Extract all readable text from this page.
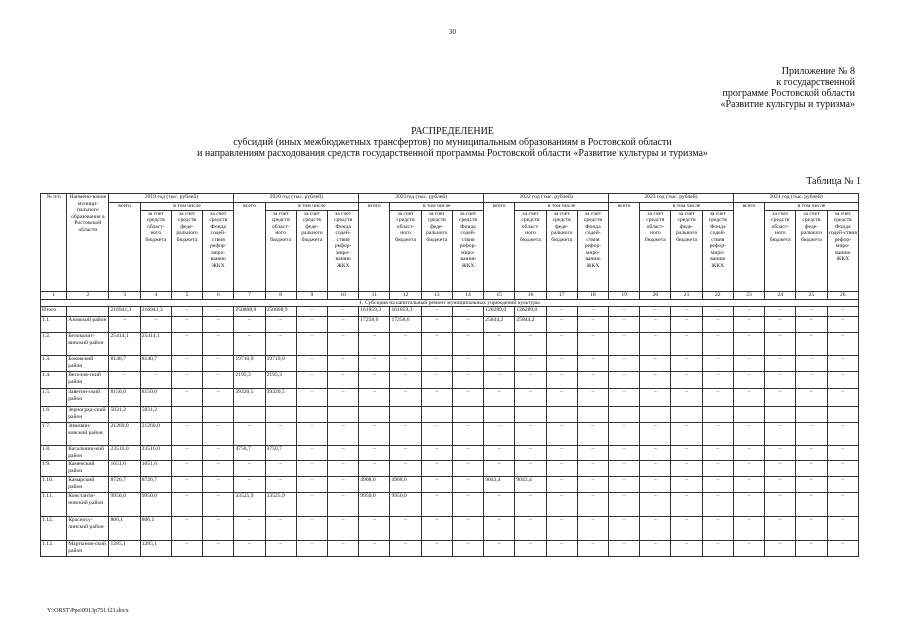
30
Приложение № 8
к государственной
программе Ростовской области
«Развитие культуры и туризма»
РАСПРЕДЕЛЕНИЕ
субсидий (иных межбюджетных трансфертов) по муниципальным образованиям в Ростовской области
и направлениям расходования средств государственной программы Ростовской области «Развитие культуры и туризма»
Таблица № 1
№ п/п	Наимено-вание муници-пального образования в Ростовской области	2019 год (тыс. рублей)				2020 год (тыс. рублей)				2021год (тыс. рублей)				2022 год (тыс. рублей)				2023 год (тыс. рублей)				2024 год (тыс. рублей)			
		всего	в том числе			всего	в том числе			всего	в том числе			всего	в том числе			всего	в том числе			всего	в том числе		
			за счет средств област-ного бюджета	за счет средств феде-рального бюджета	за счет средств Фонда содей-ствия рефор-миро-ванию ЖКХ		за счет средств област-ного бюджета	за счет средств феде-рального бюджета	за счет средств Фонда содей-ствия рефор-миро-ванию ЖКХ		за счет средств област-ного бюджета	за счет средств феде-рального бюджета	за счет средств Фонда содей-ствия рефор-миро-ванию ЖКХ		за счет средств област-ного бюджета	за счет средств феде-рального бюджета	за счет средств Фонда содей-ствия рефор-миро-ванию ЖКХ		за счет средств област-ного бюджета	за счет средств феде-рального бюджета	за счет средств Фонда содей-ствия рефор-миро-ванию ЖКХ		за счет средств област-ного бюджета	за счет средств феде-рального бюджета	за счет средств Фонда содей-ствия рефор-миро-ванию ЖКХ
1	2	3	4	5	6	7	8	9	10	11	12	13	14	15	16	17	18	19	20	21	22	23	24	25	26
1. Субсидия на капитальный ремонт муниципальных учреждений культуры																									
Итого		216941,3	216941,3	–	–	250808,9	250808,9	–	–	161859,3	161859,3	–	–	126289,0	126289,0	–	–	–	–	–	–	–	–	–	–
1.1.	Азовский район	–	–	–	–	–	–	–	–	17258,6	17258,6	–	–	25844,2	25844,2	–	–	–	–	–	–	–	–	–	–
1.2.	Белокалит-винский район	25414,1	25414,1	–	–	–	–	–	–	–	–	–	–	–	–	–	–	–	–	–	–	–	–	–	–
1.3.	Боковский район	8140,7	8140,7	–	–	19710,9	19710,9	–	–	–	–	–	–	–	–	–	–	–	–	–	–	–	–	–	–
1.4.	Веселов-ский район	–	–	–	–	2195,3	2195,3	–	–	–	–	–	–	–	–	–	–	–	–	–	–	–	–	–	–
1.5.	Заветин-ский район	8150,0	8150,0	–	–	39320,5	39320,5	–	–	–	–	–	–	–	–	–	–	–	–	–	–	–	–	–	–
1.6.	Зерноград-ский район	5031,2	5031,2																						
1.7.	Зимовни-ковский район	21260,0	21260,0	–	–	–	–	–	–	–	–	–	–	–	–	–	–	–	–	–	–	–	–	–	–
1.8.	Кагальниц-кий район	23516,0	23516,0	–	–	4750,7	4750,7	–	–	–	–	–	–	–	–	–	–	–	–	–	–	–	–	–	–
1.9.	Каменский район	1651,6	1651,6	–	–	–	–	–	–	–	–	–	–	–	–	–	–	–	–	–	–	–	–	–	–
1.10.	Камарский район	8726,7	8726,7	–	–	–	–	–	–	4908,6	4908,6	–	–	9043,4	9043,4	–	–	–	–	–	–	–	–	–	–
1.11.	Константи-новский район	9950,0	9950,0	–	–	33525,9	33525,9	–	–	9950,0	9950,0	–	–	–	–	–	–	–	–	–	–	–	–	–	–
1.12.	Красносу-линский район	806,1	806,1	–	–	–	–	–	–	–	–	–	–	–	–	–	–	–	–	–	–	–	–	–	–
1.13.	Мартынов-ский район	1285,1	1285,1	–	–	–	–	–	–	–	–	–	–	–	–	–	–	–	–	–	–	–	–	–	–
Y:\ORST\Ppo\0913p751.f21.docx
